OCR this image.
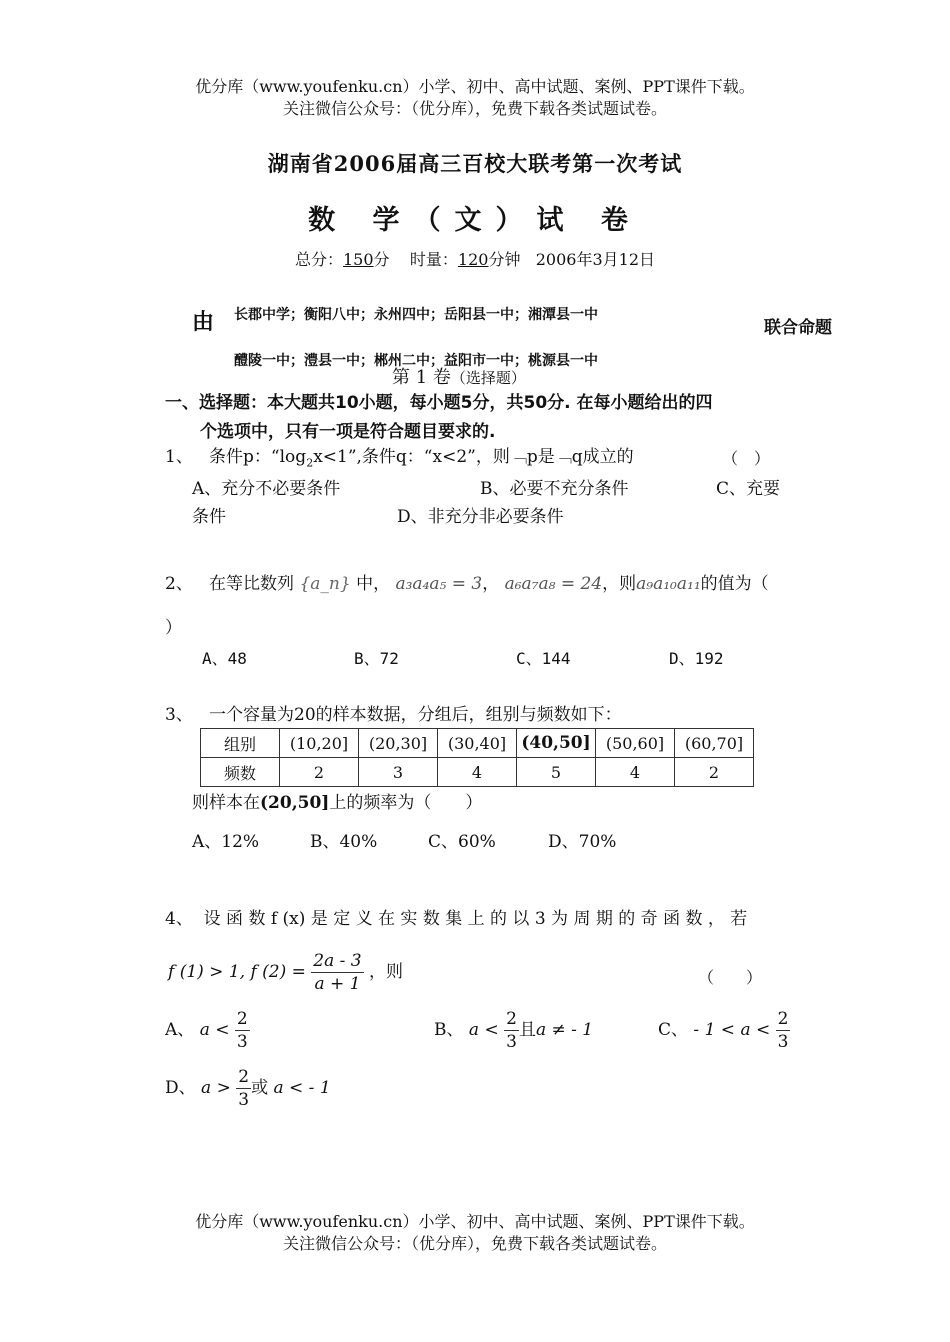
优分库（www.youfenku.cn）小学、初中、高中试题、案例、PPT课件下载。
关注微信公众号：（优分库），免费下载各类试题试卷。
湖南省2006届高三百校大联考第一次考试
数 学（文）试 卷
总分：150分 时量：120分钟 2006年3月12日
由 长郡中学；衡阳八中；永州四中；岳阳县一中；湘潭县一中
醴陵一中；澧县一中；郴州二中；益阳市一中；桃源县一中
联合命题
第 1 卷（选择题）
一、选择题：本大题共10小题，每小题5分，共50分. 在每小题给出的四
个选项中，只有一项是符合题目要求的.
1、 条件p：“$\log_2x<1$”,条件q：“x<2”，则﹁p是﹁q成立的	（　）
A、充分不必要条件	B、必要不充分条件	C、充要
条件	D、非充分非必要条件
2、 在等比数列 {a_n} 中， a₃a₄a₅ = 3， a₆a₇a₈ = 24，则a₉a₁₀a₁₁的值为（
）
A、48	B、72	C、144	D、192
3、 一个容量为20的样本数据，分组后，组别与频数如下：
组别	(10,20]	(20,30]	(30,40]	(40,50]	(50,60]	(60,70]
频数	2	3	4	5	4	2
则样本在(20,50]上的频率为（　　）
A、12%	B、40%	C、60%	D、70%
4、 设 函 数 f (x) 是 定 义 在 实 数 集 上 的 以 3 为 周 期 的 奇 函 数 ， 若
f (1) > 1, f $(2) = \frac{2a - 3}{a + 1}$ ，则	（　　）
A、 $a < \frac{2}{3}$	B、 $a < \frac{2}{3}$ 且a ≠ - 1	C、 - $1 < a < \frac{2}{3}$
D、 $a > \frac{2}{3}$ 或 a < - 1
优分库（www.youfenku.cn）小学、初中、高中试题、案例、PPT课件下载。
关注微信公众号：（优分库），免费下载各类试题试卷。
